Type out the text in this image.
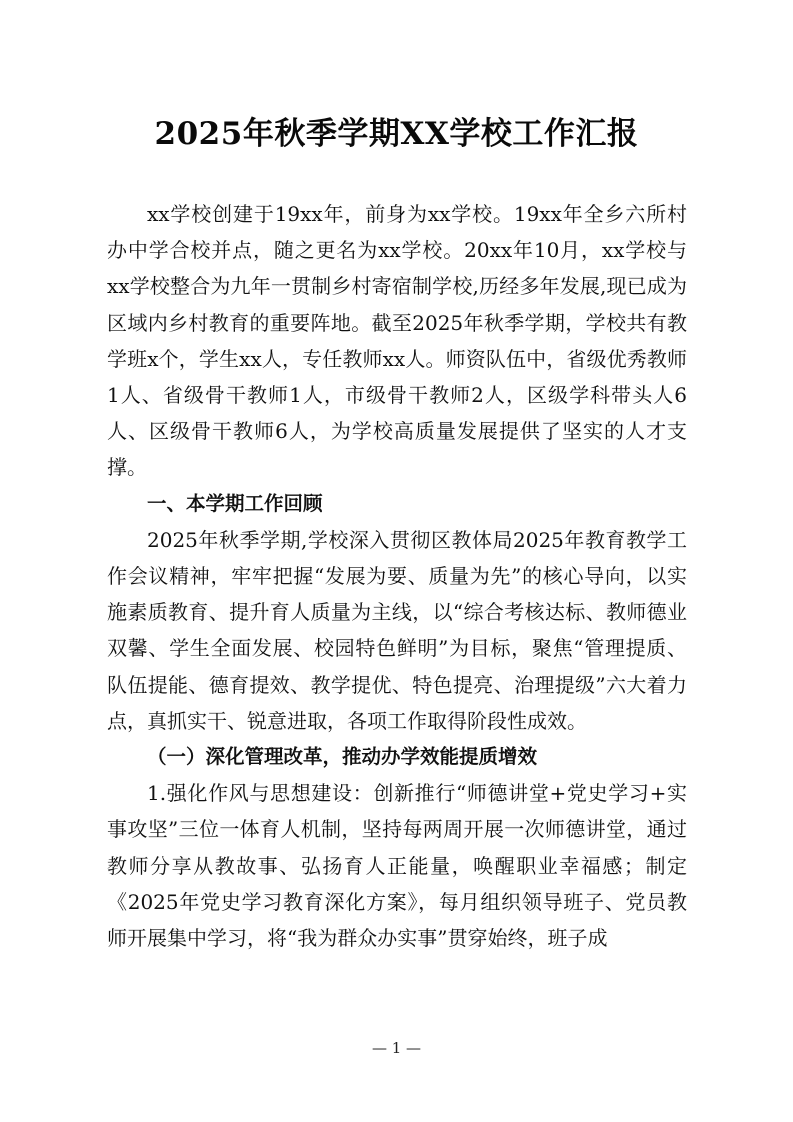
2025年秋季学期XX学校工作汇报

xx学校创建于19xx年，前身为xx学校。19xx年全乡六所村办中学合校并点，随之更名为xx学校。20xx年10月，xx学校与xx学校整合为九年一贯制乡村寄宿制学校,历经多年发展,现已成为区域内乡村教育的重要阵地。截至2025年秋季学期，学校共有教学班x个，学生xx人，专任教师xx人。师资队伍中，省级优秀教师1人、省级骨干教师1人，市级骨干教师2人，区级学科带头人6人、区级骨干教师6人，为学校高质量发展提供了坚实的人才支撑。

一、本学期工作回顾

2025年秋季学期,学校深入贯彻区教体局2025年教育教学工作会议精神，牢牢把握“发展为要、质量为先”的核心导向，以实施素质教育、提升育人质量为主线，以“综合考核达标、教师德业双馨、学生全面发展、校园特色鲜明”为目标，聚焦“管理提质、队伍提能、德育提效、教学提优、特色提亮、治理提级”六大着力点，真抓实干、锐意进取，各项工作取得阶段性成效。

（一）深化管理改革，推动办学效能提质增效

1.强化作风与思想建设：创新推行“师德讲堂+党史学习+实事攻坚”三位一体育人机制，坚持每两周开展一次师德讲堂，通过教师分享从教故事、弘扬育人正能量，唤醒职业幸福感；制定《2025年党史学习教育深化方案》，每月组织领导班子、党员教师开展集中学习，将“我为群众办实事”贯穿始终，班子成

— 1 —
